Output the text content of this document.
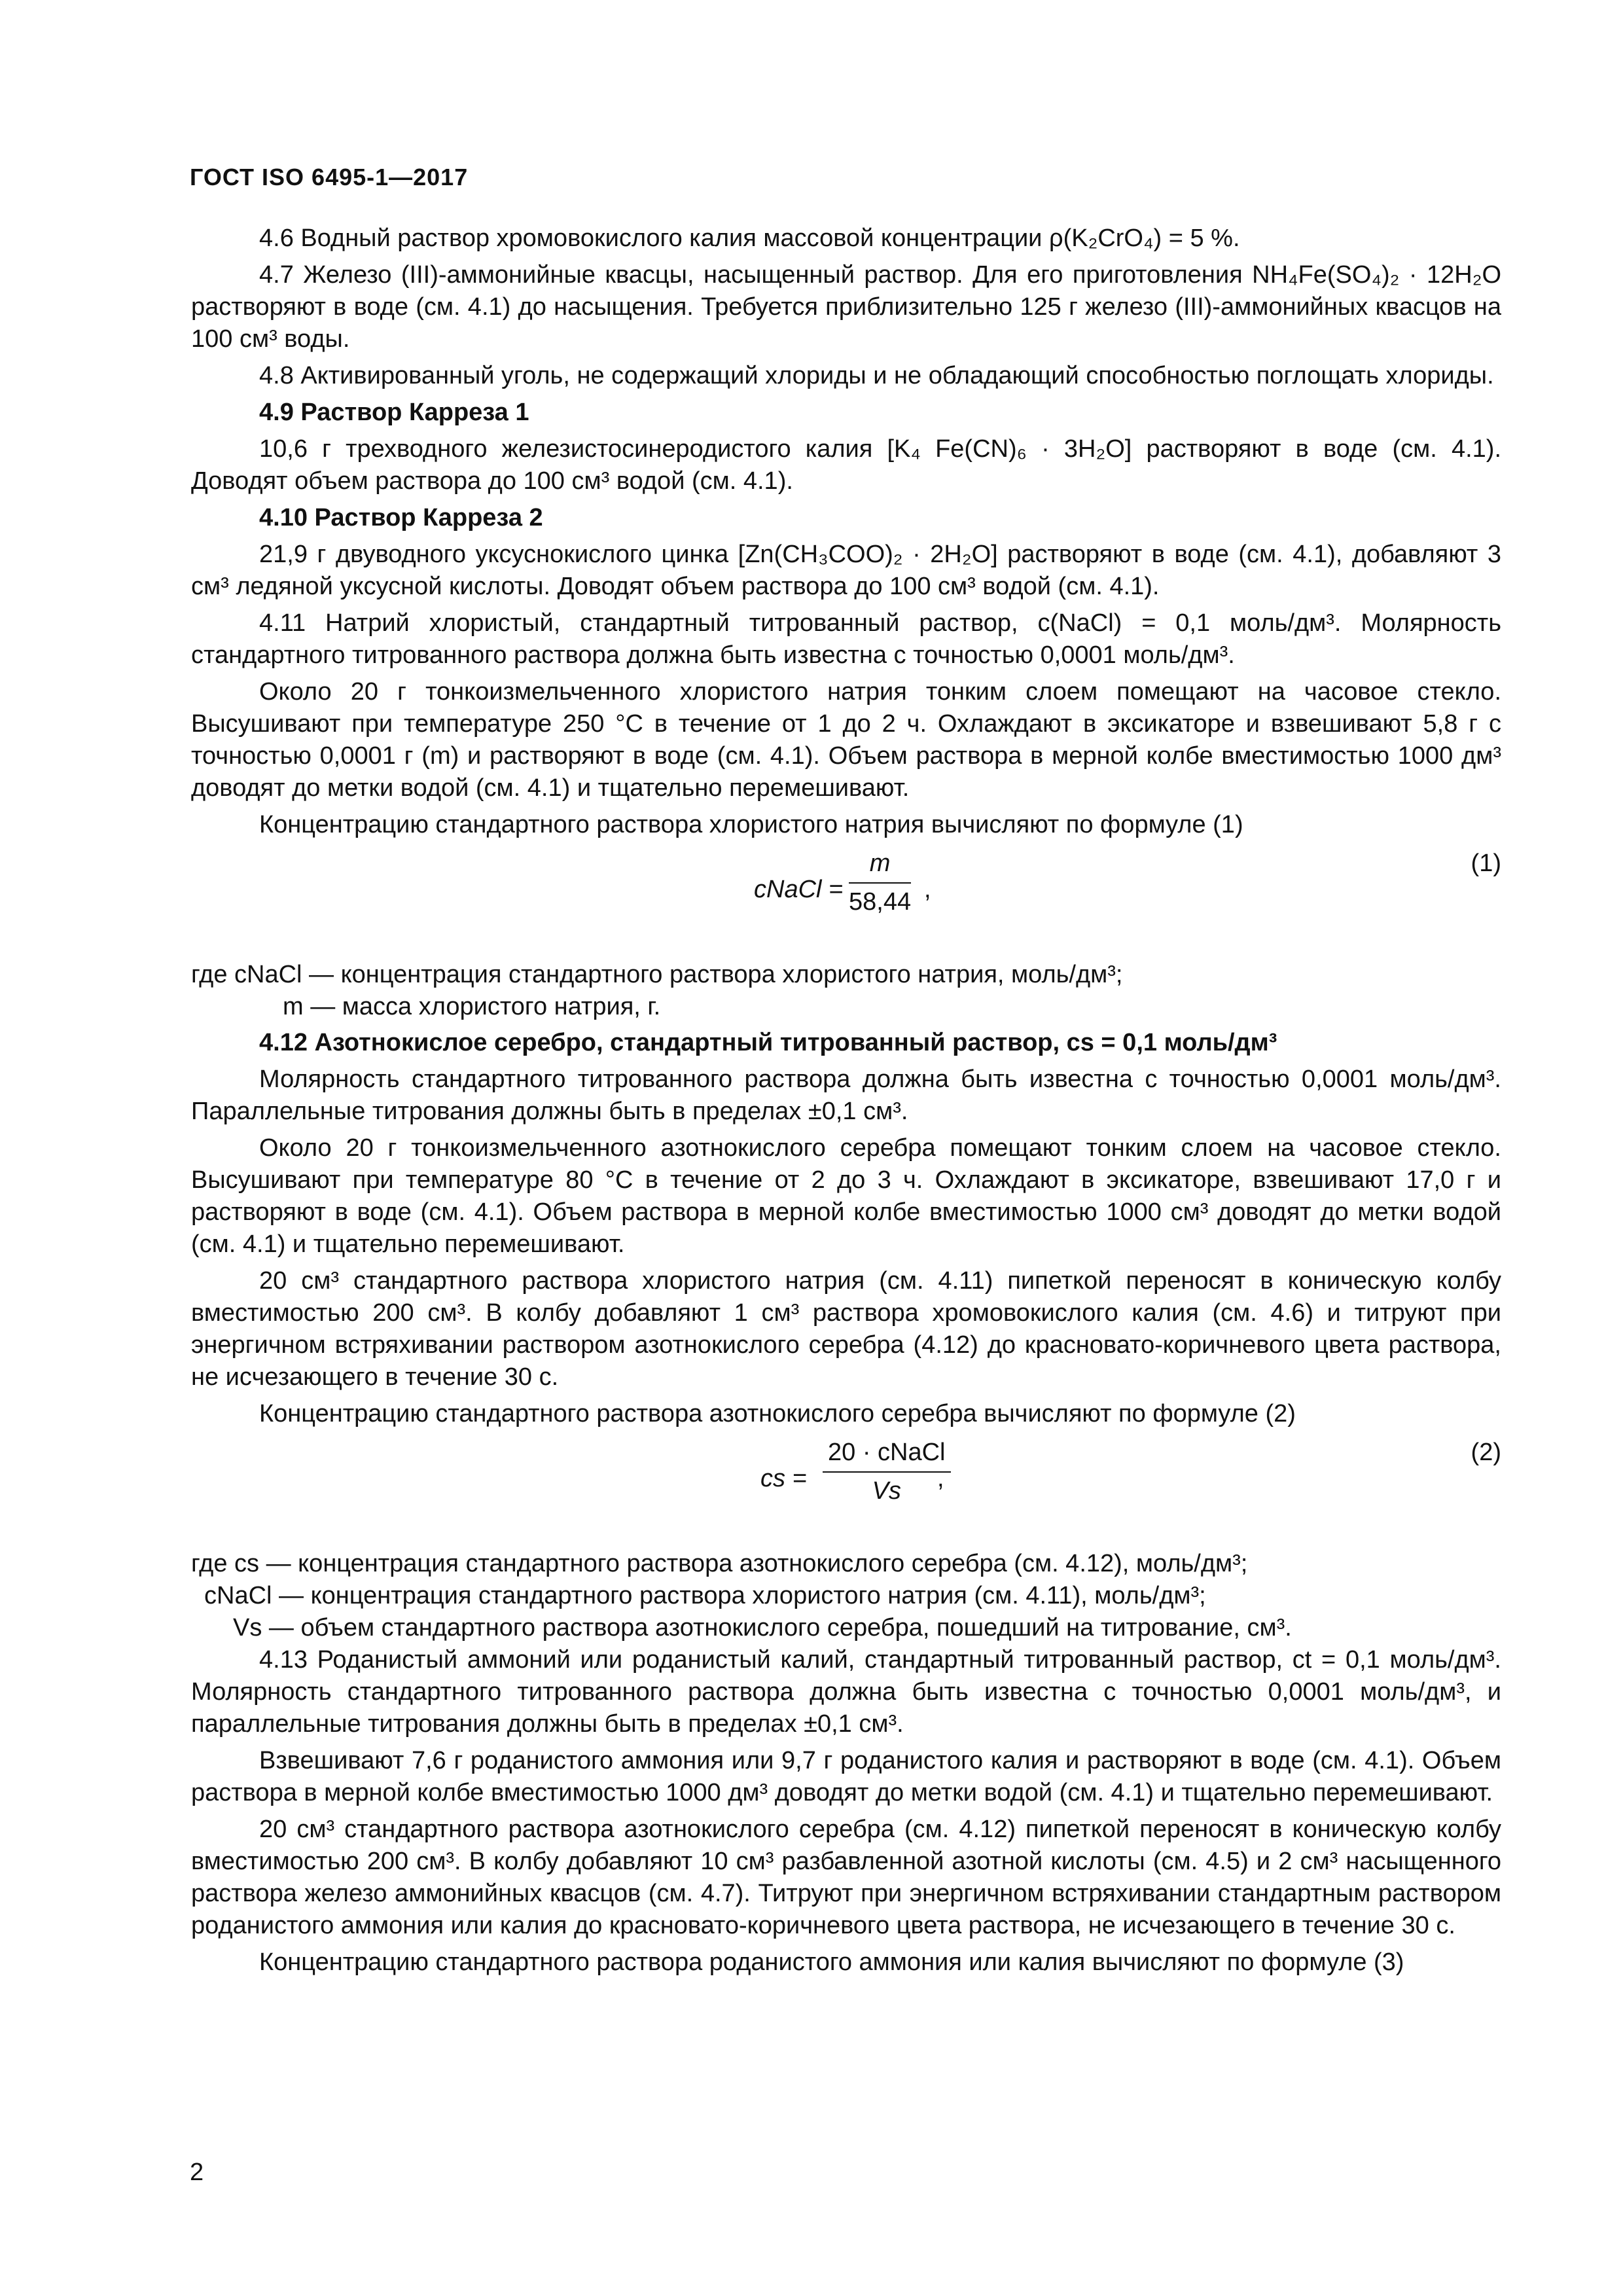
ГОСТ ISO 6495-1—2017

4.6 Водный раствор хромовокислого калия массовой концентрации ρ(K₂CrO₄) = 5 %.

4.7 Железо (III)-аммонийные квасцы, насыщенный раствор. Для его приготовления NH₄Fe(SO₄)₂ · 12H₂O растворяют в воде (см. 4.1) до насыщения. Требуется приблизительно 125 г железо (III)-аммонийных квасцов на 100 см³ воды.

4.8 Активированный уголь, не содержащий хлориды и не обладающий способностью поглощать хлориды.

4.9 Раствор Карреза 1

10,6 г трехводного железистосинеродистого калия [K₄ Fe(CN)₆ · 3H₂O] растворяют в воде (см. 4.1). Доводят объем раствора до 100 см³ водой (см. 4.1).

4.10 Раствор Карреза 2

21,9 г двуводного уксуснокислого цинка [Zn(CH₃COO)₂ · 2H₂O] растворяют в воде (см. 4.1), добавляют 3 см³ ледяной уксусной кислоты. Доводят объем раствора до 100 см³ водой (см. 4.1).

4.11 Натрий хлористый, стандартный титрованный раствор, c(NaCl) = 0,1 моль/дм³. Молярность стандартного титрованного раствора должна быть известна с точностью 0,0001 моль/дм³.

Около 20 г тонкоизмельченного хлористого натрия тонким слоем помещают на часовое стекло. Высушивают при температуре 250 °С в течение от 1 до 2 ч. Охлаждают в эксикаторе и взвешивают 5,8 г с точностью 0,0001 г (m) и растворяют в воде (см. 4.1). Объем раствора в мерной колбе вместимостью 1000 дм³ доводят до метки водой (см. 4.1) и тщательно перемешивают.

Концентрацию стандартного раствора хлористого натрия вычисляют по формуле (1)

cNaCl = $\frac{m}{58,44}$ ,
(1)

где cNaCl — концентрация стандартного раствора хлористого натрия, моль/дм³;

m — масса хлористого натрия, г.

4.12 Азотнокислое серебро, стандартный титрованный раствор, cs = 0,1 моль/дм³

Молярность стандартного титрованного раствора должна быть известна с точностью 0,0001 моль/дм³. Параллельные титрования должны быть в пределах ±0,1 см³.

Около 20 г тонкоизмельченного азотнокислого серебра помещают тонким слоем на часовое стекло. Высушивают при температуре 80 °С в течение от 2 до 3 ч. Охлаждают в эксикаторе, взвешивают 17,0 г и растворяют в воде (см. 4.1). Объем раствора в мерной колбе вместимостью 1000 см³ доводят до метки водой (см. 4.1) и тщательно перемешивают.

20 см³ стандартного раствора хлористого натрия (см. 4.11) пипеткой переносят в коническую колбу вместимостью 200 см³. В колбу добавляют 1 см³ раствора хромовокислого калия (см. 4.6) и титруют при энергичном встряхивании раствором азотнокислого серебра (4.12) до красновато-коричневого цвета раствора, не исчезающего в течение 30 с.

Концентрацию стандартного раствора азотнокислого серебра вычисляют по формуле (2)

cs =
20 · cNaCl
Vs	,
(2)

где cs — концентрация стандартного раствора азотнокислого серебра (см. 4.12), моль/дм³;

cNaCl — концентрация стандартного раствора хлористого натрия (см. 4.11), моль/дм³;

Vs — объем стандартного раствора азотнокислого серебра, пошедший на титрование, см³.

4.13 Роданистый аммоний или роданистый калий, стандартный титрованный раствор, ct = 0,1 моль/дм³. Молярность стандартного титрованного раствора должна быть известна с точностью 0,0001 моль/дм³, и параллельные титрования должны быть в пределах ±0,1 см³.

Взвешивают 7,6 г роданистого аммония или 9,7 г роданистого калия и растворяют в воде (см. 4.1). Объем раствора в мерной колбе вместимостью 1000 дм³ доводят до метки водой (см. 4.1) и тщательно перемешивают.

20 см³ стандартного раствора азотнокислого серебра (см. 4.12) пипеткой переносят в коническую колбу вместимостью 200 см³. В колбу добавляют 10 см³ разбавленной азотной кислоты (см. 4.5) и 2 см³ насыщенного раствора железо аммонийных квасцов (см. 4.7). Титруют при энергичном встряхивании стандартным раствором роданистого аммония или калия до красновато-коричневого цвета раствора, не исчезающего в течение 30 с.

Концентрацию стандартного раствора роданистого аммония или калия вычисляют по формуле (3)

2
